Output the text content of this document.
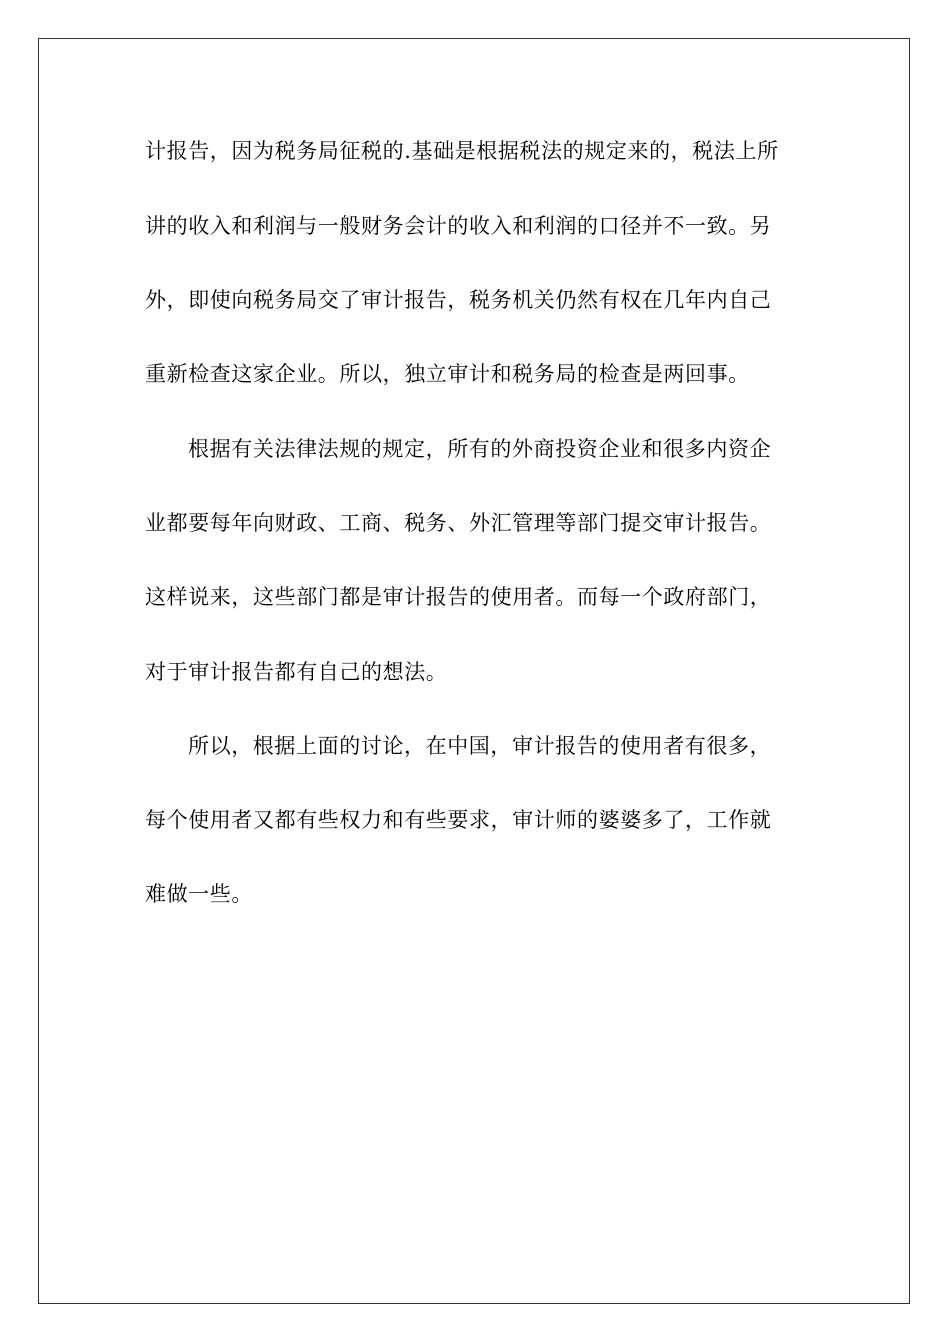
计报告，因为税务局征税的.基础是根据税法的规定来的，税法上所
讲的收入和利润与一般财务会计的收入和利润的口径并不一致。另
外，即使向税务局交了审计报告，税务机关仍然有权在几年内自己
重新检查这家企业。所以，独立审计和税务局的检查是两回事。
根据有关法律法规的规定，所有的外商投资企业和很多内资企
业都要每年向财政、工商、税务、外汇管理等部门提交审计报告。
这样说来，这些部门都是审计报告的使用者。而每一个政府部门，
对于审计报告都有自己的想法。
所以，根据上面的讨论，在中国，审计报告的使用者有很多，
每个使用者又都有些权力和有些要求，审计师的婆婆多了，工作就
难做一些。
